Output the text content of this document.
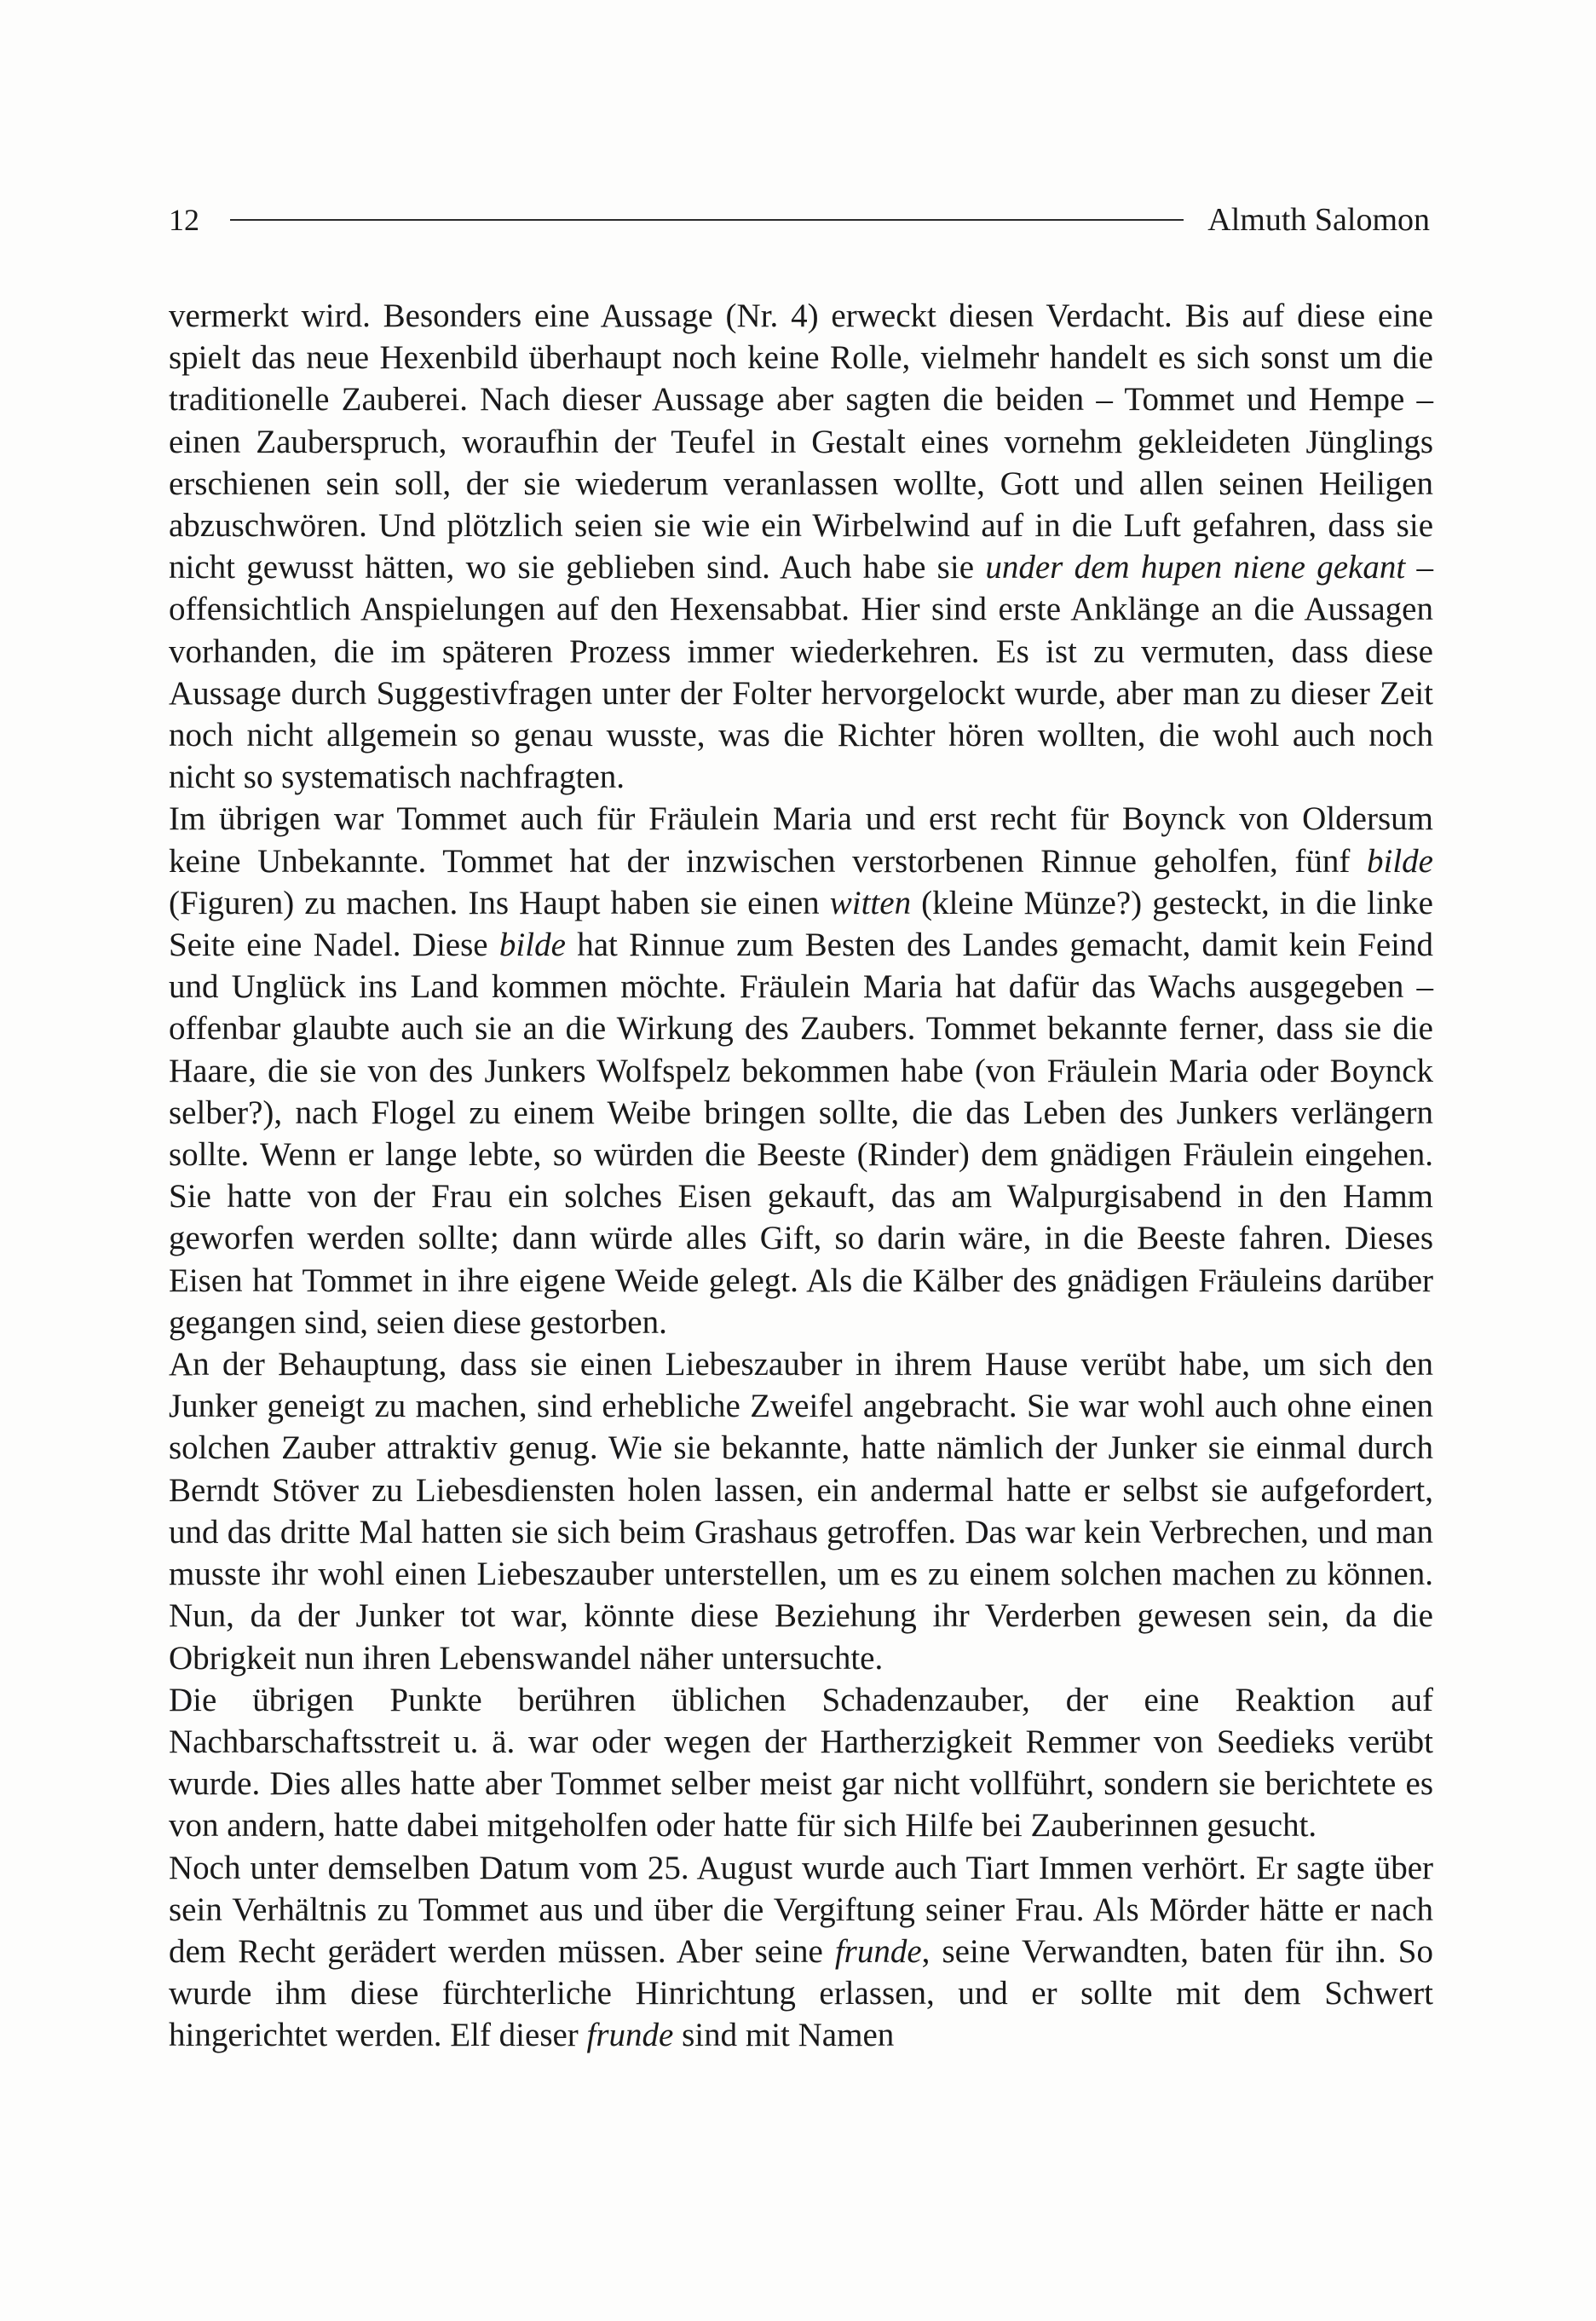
12	Almuth Salomon

vermerkt wird. Besonders eine Aussage (Nr. 4) erweckt diesen Verdacht. Bis auf diese eine spielt das neue Hexenbild überhaupt noch keine Rolle, vielmehr handelt es sich sonst um die traditionelle Zauberei. Nach dieser Aussage aber sagten die beiden – Tommet und Hempe – einen Zauberspruch, woraufhin der Teufel in Gestalt eines vornehm gekleideten Jünglings erschienen sein soll, der sie wiederum veranlassen wollte, Gott und allen seinen Heiligen abzuschwören. Und plötzlich seien sie wie ein Wirbelwind auf in die Luft gefahren, dass sie nicht gewusst hätten, wo sie geblieben sind. Auch habe sie under dem hupen niene gekant – offensichtlich Anspielungen auf den Hexensabbat. Hier sind erste Anklänge an die Aussagen vorhanden, die im späteren Prozess immer wiederkehren. Es ist zu vermuten, dass diese Aussage durch Suggestivfragen unter der Folter hervorgelockt wurde, aber man zu dieser Zeit noch nicht allgemein so genau wusste, was die Richter hören wollten, die wohl auch noch nicht so systematisch nachfragten.

Im übrigen war Tommet auch für Fräulein Maria und erst recht für Boynck von Oldersum keine Unbekannte. Tommet hat der inzwischen verstorbenen Rinnue geholfen, fünf bilde (Figuren) zu machen. Ins Haupt haben sie einen witten (kleine Münze?) gesteckt, in die linke Seite eine Nadel. Diese bilde hat Rinnue zum Besten des Landes gemacht, damit kein Feind und Unglück ins Land kommen möchte. Fräulein Maria hat dafür das Wachs ausgegeben – offenbar glaubte auch sie an die Wirkung des Zaubers. Tommet bekannte ferner, dass sie die Haare, die sie von des Junkers Wolfspelz bekommen habe (von Fräulein Maria oder Boynck selber?), nach Flogel zu einem Weibe bringen sollte, die das Leben des Junkers verlängern sollte. Wenn er lange lebte, so würden die Beeste (Rinder) dem gnädigen Fräulein eingehen. Sie hatte von der Frau ein solches Eisen gekauft, das am Walpurgisabend in den Hamm geworfen werden sollte; dann würde alles Gift, so darin wäre, in die Beeste fahren. Dieses Eisen hat Tommet in ihre eigene Weide gelegt. Als die Kälber des gnädigen Fräuleins darüber gegangen sind, seien diese gestorben.

An der Behauptung, dass sie einen Liebeszauber in ihrem Hause verübt habe, um sich den Junker geneigt zu machen, sind erhebliche Zweifel angebracht. Sie war wohl auch ohne einen solchen Zauber attraktiv genug. Wie sie bekannte, hatte nämlich der Junker sie einmal durch Berndt Stöver zu Liebesdiensten holen lassen, ein andermal hatte er selbst sie aufgefordert, und das dritte Mal hatten sie sich beim Grashaus getroffen. Das war kein Verbrechen, und man musste ihr wohl einen Liebeszauber unterstellen, um es zu einem solchen machen zu können. Nun, da der Junker tot war, könnte diese Beziehung ihr Verderben gewesen sein, da die Obrigkeit nun ihren Lebenswandel näher untersuchte.

Die übrigen Punkte berühren üblichen Schadenzauber, der eine Reaktion auf Nachbarschaftsstreit u. ä. war oder wegen der Hartherzigkeit Remmer von Seedieks verübt wurde. Dies alles hatte aber Tommet selber meist gar nicht vollführt, sondern sie berichtete es von andern, hatte dabei mitgeholfen oder hatte für sich Hilfe bei Zauberinnen gesucht.

Noch unter demselben Datum vom 25. August wurde auch Tiart Immen verhört. Er sagte über sein Verhältnis zu Tommet aus und über die Vergiftung seiner Frau. Als Mörder hätte er nach dem Recht gerädert werden müssen. Aber seine frunde, seine Verwandten, baten für ihn. So wurde ihm diese fürchterliche Hinrichtung erlassen, und er sollte mit dem Schwert hingerichtet werden. Elf dieser frunde sind mit Namen
